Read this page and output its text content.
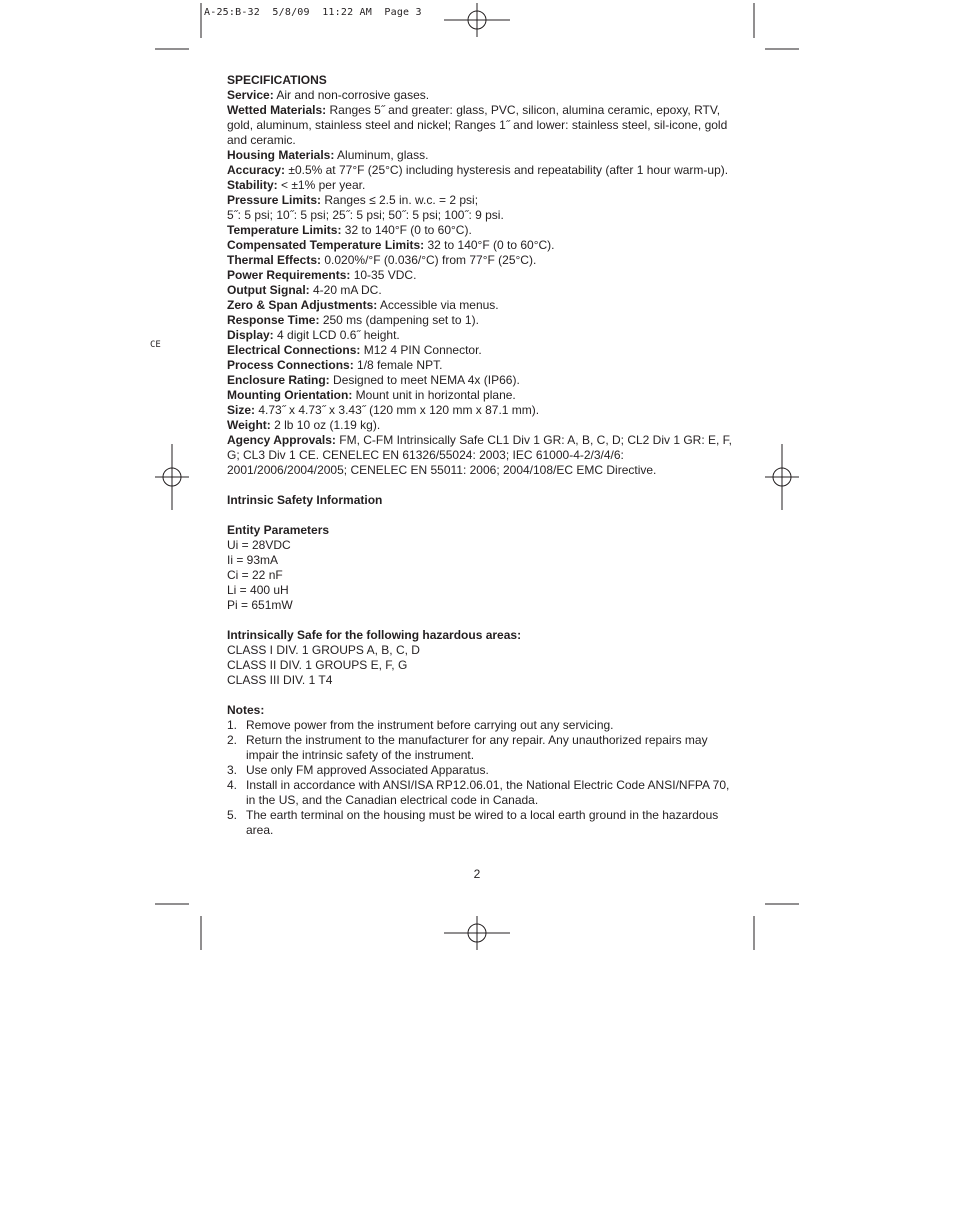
A-25:B-32  5/8/09  11:22 AM  Page 3
CE

SPECIFICATIONS

Service: Air and non-corrosive gases.

Wetted Materials: Ranges 5˝ and greater: glass, PVC, silicon, alumina ceramic, epoxy, RTV, gold, aluminum, stainless steel and nickel; Ranges 1˝ and lower: stainless steel, sil-icone, gold and ceramic.

Housing Materials: Aluminum, glass.

Accuracy: ±0.5% at 77°F (25°C) including hysteresis and repeatability (after 1 hour warm-up).

Stability: < ±1% per year.

Pressure Limits: Ranges ≤ 2.5 in. w.c. = 2 psi;

5˝: 5 psi; 10˝: 5 psi; 25˝: 5 psi; 50˝: 5 psi; 100˝: 9 psi.

Temperature Limits: 32 to 140°F (0 to 60°C).

Compensated Temperature Limits: 32 to 140°F (0 to 60°C).

Thermal Effects: 0.020%/°F (0.036/°C) from 77°F (25°C).

Power Requirements: 10-35 VDC.

Output Signal: 4-20 mA DC.

Zero & Span Adjustments: Accessible via menus.

Response Time: 250 ms (dampening set to 1).

Display: 4 digit LCD 0.6˝ height.

Electrical Connections: M12 4 PIN Connector.

Process Connections: 1/8 female NPT.

Enclosure Rating: Designed to meet NEMA 4x (IP66).

Mounting Orientation: Mount unit in horizontal plane.

Size: 4.73˝ x 4.73˝ x 3.43˝ (120 mm x 120 mm x 87.1 mm).

Weight: 2 lb 10 oz (1.19 kg).

Agency Approvals: FM, C-FM Intrinsically Safe CL1 Div 1 GR: A, B, C, D; CL2 Div 1 GR: E, F, G; CL3 Div 1 CE. CENELEC EN 61326/55024: 2003; IEC 61000-4-2/3/4/6: 2001/2006/2004/2005; CENELEC EN 55011: 2006; 2004/108/EC EMC Directive.

Intrinsic Safety Information

Entity Parameters

Ui = 28VDC

Ii = 93mA

Ci = 22 nF

Li = 400 uH

Pi = 651mW

Intrinsically Safe for the following hazardous areas:

CLASS I DIV. 1 GROUPS A, B, C, D

CLASS II DIV. 1 GROUPS E, F, G

CLASS III DIV. 1 T4

Notes:

1. Remove power from the instrument before carrying out any servicing.
2. Return the instrument to the manufacturer for any repair. Any unauthorized repairs may impair the intrinsic safety of the instrument.
3. Use only FM approved Associated Apparatus.
4. Install in accordance with ANSI/ISA RP12.06.01, the National Electric Code ANSI/NFPA 70, in the US, and the Canadian electrical code in Canada.
5. The earth terminal on the housing must be wired to a local earth ground in the hazardous area.
2
